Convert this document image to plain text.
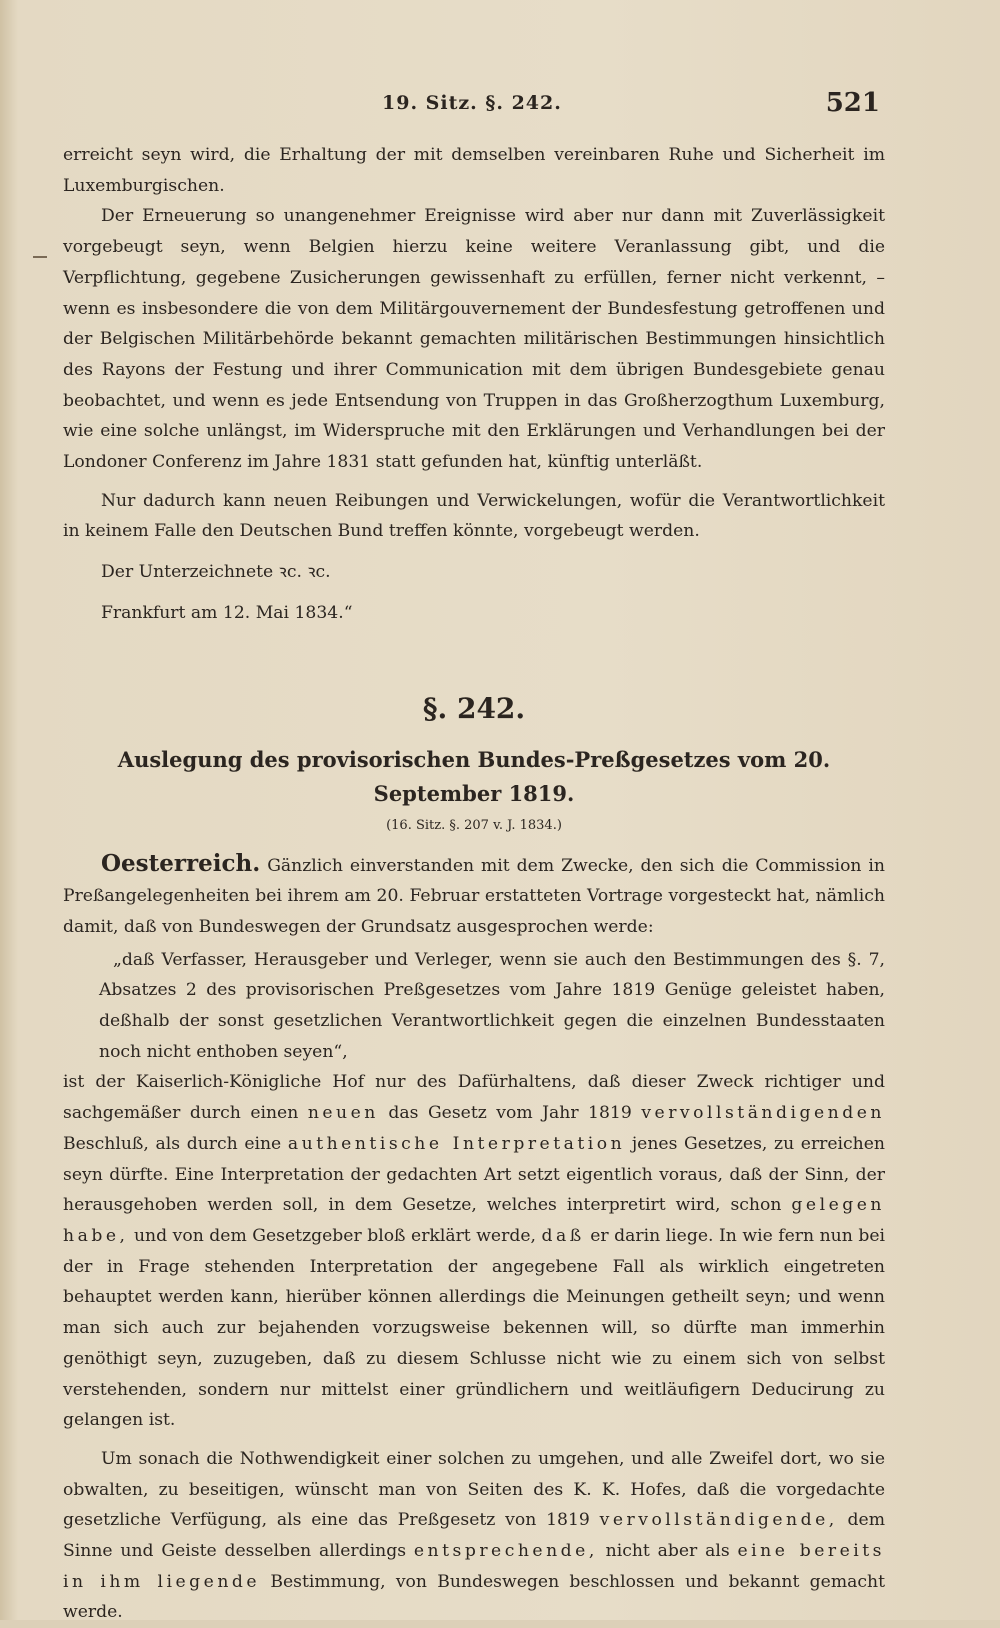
19. Sitz. §. 242.	521

erreicht seyn wird, die Erhaltung der mit demselben vereinbaren Ruhe und Sicherheit im Luxemburgischen.

Der Erneuerung so unangenehmer Ereignisse wird aber nur dann mit Zuverlässigkeit vorgebeugt seyn, wenn Belgien hierzu keine weitere Veranlassung gibt, und die Verpflichtung, gegebene Zusicherungen gewissenhaft zu erfüllen, ferner nicht verkennt, – wenn es insbesondere die von dem Militärgouvernement der Bundesfestung getroffenen und der Belgischen Militärbehörde bekannt gemachten militärischen Bestimmungen hinsichtlich des Rayons der Festung und ihrer Communication mit dem übrigen Bundesgebiete genau beobachtet, und wenn es jede Entsendung von Truppen in das Großherzogthum Luxemburg, wie eine solche unlängst, im Widerspruche mit den Erklärungen und Verhandlungen bei der Londoner Conferenz im Jahre 1831 statt gefunden hat, künftig unterläßt.

Nur dadurch kann neuen Reibungen und Verwickelungen, wofür die Verantwortlichkeit in keinem Falle den Deutschen Bund treffen könnte, vorgebeugt werden.

Der Unterzeichnete ꝛc. ꝛc.

Frankfurt am 12. Mai 1834.“

§. 242.

Auslegung des provisorischen Bundes-Preßgesetzes vom 20. September 1819.

(16. Sitz. §. 207 v. J. 1834.)

Oesterreich. Gänzlich einverstanden mit dem Zwecke, den sich die Commission in Preßangelegenheiten bei ihrem am 20. Februar erstatteten Vortrage vorgesteckt hat, nämlich damit, daß von Bundeswegen der Grundsatz ausgesprochen werde:

„daß Verfasser, Herausgeber und Verleger, wenn sie auch den Bestimmungen des §. 7, Absatzes 2 des provisorischen Preßgesetzes vom Jahre 1819 Genüge geleistet haben, deßhalb der sonst gesetzlichen Verantwortlichkeit gegen die einzelnen Bundesstaaten noch nicht enthoben seyen“,

ist der Kaiserlich-Königliche Hof nur des Dafürhaltens, daß dieser Zweck richtiger und sachgemäßer durch einen neuen das Gesetz vom Jahr 1819 vervollständigenden Beschluß, als durch eine authentische Interpretation jenes Gesetzes, zu erreichen seyn dürfte. Eine Interpretation der gedachten Art setzt eigentlich voraus, daß der Sinn, der herausgehoben werden soll, in dem Gesetze, welches interpretirt wird, schon gelegen habe, und von dem Gesetzgeber bloß erklärt werde, daß er darin liege. In wie fern nun bei der in Frage stehenden Interpretation der angegebene Fall als wirklich eingetreten behauptet werden kann, hierüber können allerdings die Meinungen getheilt seyn; und wenn man sich auch zur bejahenden vorzugsweise bekennen will, so dürfte man immerhin genöthigt seyn, zuzugeben, daß zu diesem Schlusse nicht wie zu einem sich von selbst verstehenden, sondern nur mittelst einer gründlichern und weitläufigern Deducirung zu gelangen ist.

Um sonach die Nothwendigkeit einer solchen zu umgehen, und alle Zweifel dort, wo sie obwalten, zu beseitigen, wünscht man von Seiten des K. K. Hofes, daß die vorgedachte gesetzliche Verfügung, als eine das Preßgesetz von 1819 vervollständigende, dem Sinne und Geiste desselben allerdings entsprechende, nicht aber als eine bereits in ihm liegende Bestimmung, von Bundeswegen beschlossen und bekannt gemacht werde.
